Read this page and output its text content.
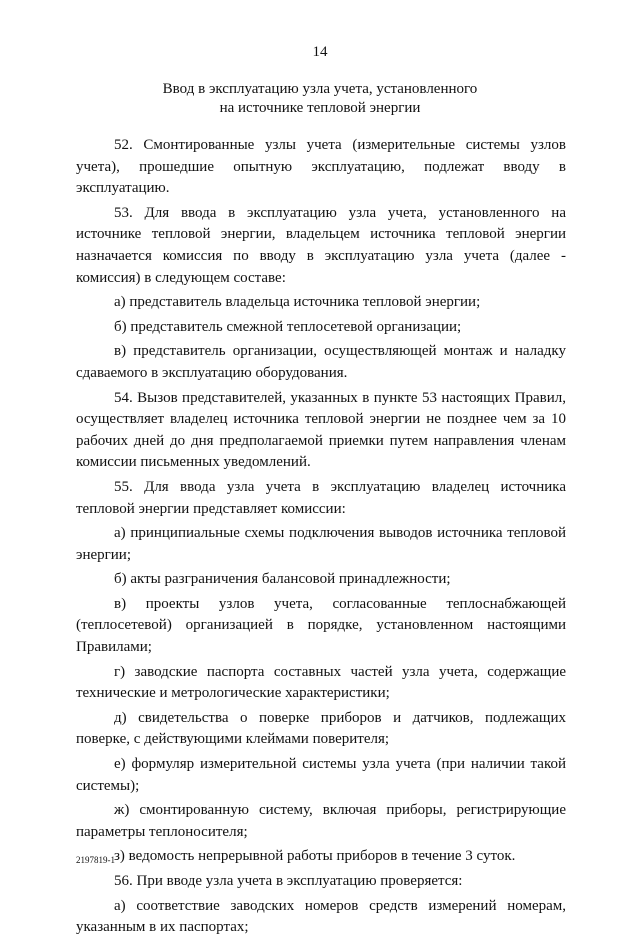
14
Ввод в эксплуатацию узла учета, установленного
на источнике тепловой энергии

52. Смонтированные узлы учета (измерительные системы узлов учета), прошедшие опытную эксплуатацию, подлежат вводу в эксплуатацию.

53. Для ввода в эксплуатацию узла учета, установленного на источнике тепловой энергии, владельцем источника тепловой энергии назначается комиссия по вводу в эксплуатацию узла учета (далее - комиссия) в следующем составе:

а) представитель владельца источника тепловой энергии;

б) представитель смежной теплосетевой организации;

в) представитель организации, осуществляющей монтаж и наладку сдаваемого в эксплуатацию оборудования.

54. Вызов представителей, указанных в пункте 53 настоящих Правил, осуществляет владелец источника тепловой энергии не позднее чем за 10 рабочих дней до дня предполагаемой приемки путем направления членам комиссии письменных уведомлений.

55. Для ввода узла учета в эксплуатацию владелец источника тепловой энергии представляет комиссии:

а) принципиальные схемы подключения выводов источника тепловой энергии;

б) акты разграничения балансовой принадлежности;

в) проекты узлов учета, согласованные теплоснабжающей (теплосетевой) организацией в порядке, установленном настоящими Правилами;

г) заводские паспорта составных частей узла учета, содержащие технические и метрологические характеристики;

д) свидетельства о поверке приборов и датчиков, подлежащих поверке, с действующими клеймами поверителя;

е) формуляр измерительной системы узла учета (при наличии такой системы);

ж) смонтированную систему, включая приборы, регистрирующие параметры теплоносителя;

з) ведомость непрерывной работы приборов в течение 3 суток.

56. При вводе узла учета в эксплуатацию проверяется:

а) соответствие заводских номеров средств измерений номерам, указанным в их паспортах;

2197819-1
